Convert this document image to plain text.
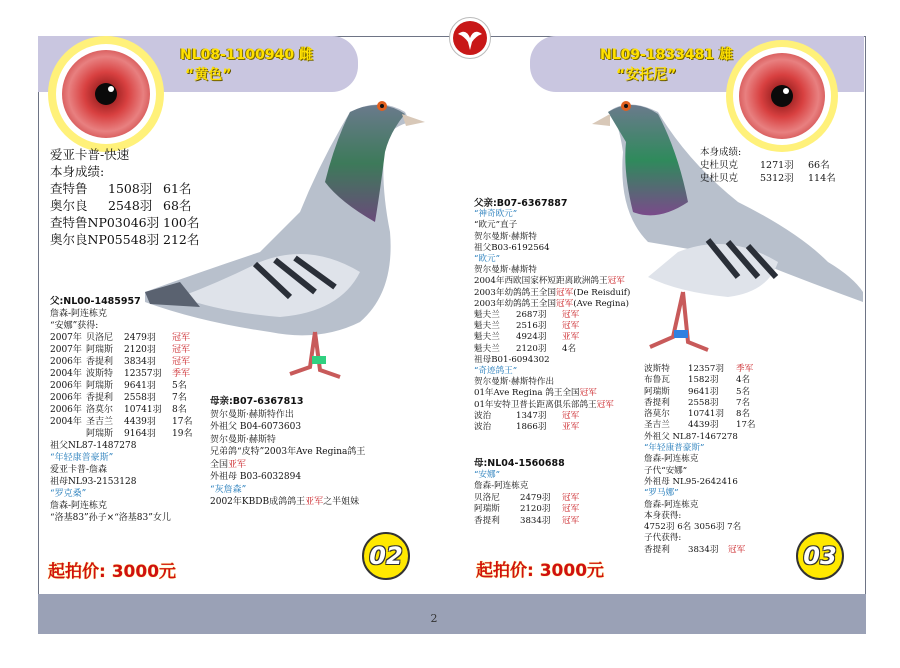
2
NL08-1100940 雌
“黄色”
NL09-1833481 雄
“安托尼”
爱亚卡普-快速
本身成绩:
查特鲁	1508羽 61名
奥尔良	2548羽 68名
查特鲁NP03046羽 100名
奥尔良NP05548羽 212名
父:NL00-1485957
詹森-阿连栋克
“安娜”获得:
2007年 贝洛尼	2479羽	冠军
2007年 阿瑞斯	2120羽	冠军
2006年 香提利	3834羽	冠军
2004年 波斯特	12357羽	季军
2006年 阿瑞斯	9641羽	5名
2006年 香提利	2558羽	7名
2006年 洛莫尔	10741羽	8名
2004年 圣吉兰	4439羽	17名
阿瑞斯	9164羽	19名
祖父NL87-1487278
“年轻康普豪斯”
爱亚卡普-詹森
祖母NL93-2153128
“罗克桑”
詹森-阿连栋克
“洛基83”孙子×“洛基83”女儿
母亲:B07-6367813
贺尔曼斯·赫斯特作出
外祖父 B04-6073603
贺尔曼斯·赫斯特
兄弟鸽“皮特”2003年Ave Regina鸽王
全国亚军
外祖母 B03-6032894
“灰詹森”
2002年KBDB成鸽鸽王亚军之半姐妹
起拍价: 3000元
02
本身成绩:
史杜贝克	1271羽	66名
史杜贝克	5312羽	114名
父亲:B07-6367887
“神奇欧元”
“欧元”直子
贺尔曼斯·赫斯特
祖父B03-6192564
“欧元”
贺尔曼斯·赫斯特
2004年西欧国家杯短距离欧洲鸽王冠军
2003年幼鸽鸽王全国冠军(De Reisduif)
2003年幼鸽鸽王全国冠军(Ave Regina)
魁夫兰	2687羽	冠军
魁夫兰	2516羽	冠军
魁夫兰	4924羽	亚军
魁夫兰	2120羽	4名
祖母B01-6094302
“奇迹鸽王”
贺尔曼斯·赫斯特作出
01年Ave Regina 鸽王全国冠军
01年安特卫普长距离俱乐部鸽王冠军
波治	1347羽	冠军
波治	1866羽	亚军
母:NL04-1560688
“安娜”
詹森-阿连栋克
贝洛尼	2479羽	冠军
阿瑞斯	2120羽	冠军
香提利	3834羽	冠军
波斯特	12357羽	季军
布鲁瓦	1582羽	4名
阿瑞斯	9641羽	5名
香提利	2558羽	7名
洛莫尔	10741羽	8名
圣吉兰	4439羽	17名
外祖父 NL87-1467278
“年轻康普豪斯”
詹森-阿连栋克
子代“安娜”
外祖母 NL95-2642416
“罗马娜”
詹森-阿连栋克
本身获得:
4752羽 6名 3056羽 7名
子代获得:
香提利	3834羽	冠军
起拍价: 3000元
03
